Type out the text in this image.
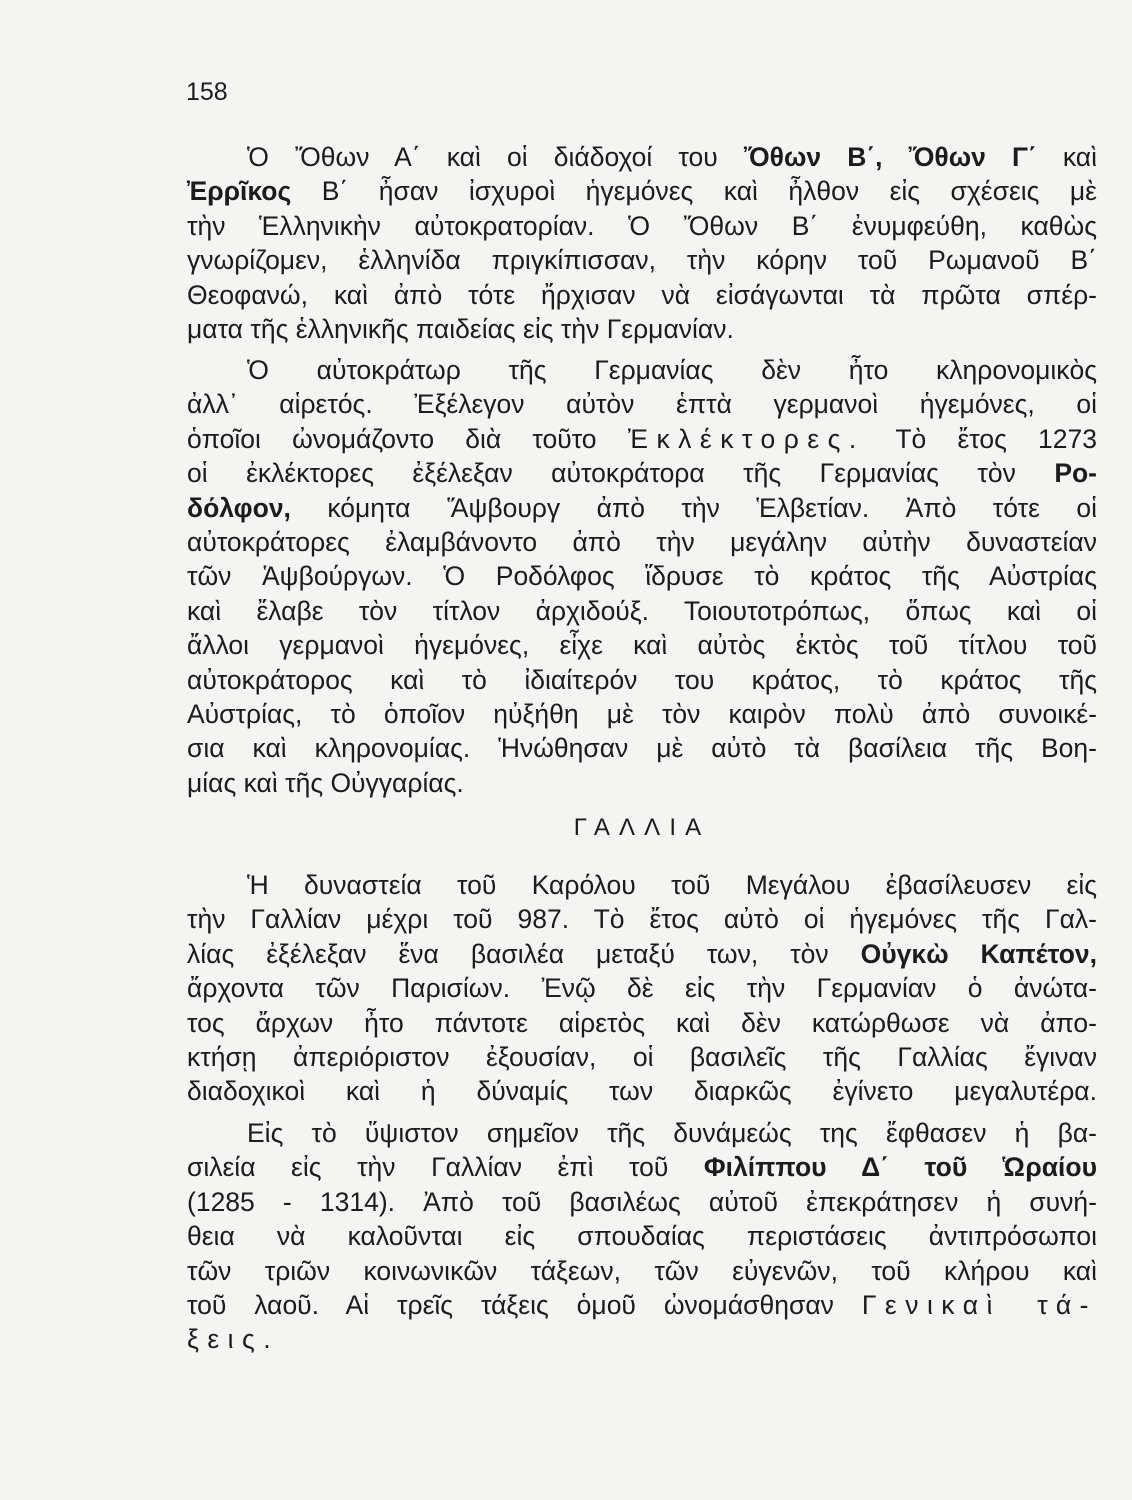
158
Ὁ Ὄθων Α΄ καὶ οἱ διάδοχοί του Ὄθων Β΄, Ὄθων Γ΄ καὶ
Ἐρρῖκος Β΄ ἦσαν ἰσχυροὶ ἡγεμόνες καὶ ἦλθον εἰς σχέσεις μὲ
τὴν Ἑλληνικὴν αὐτοκρατορίαν. Ὁ Ὄθων Β΄ ἐνυμφεύθη, καθὼς
γνωρίζομεν, ἑλληνίδα πριγκίπισσαν, τὴν κόρην τοῦ Ρωμανοῦ Β΄
Θεοφανώ, καὶ ἀπὸ τότε ἤρχισαν νὰ εἰσάγωνται τὰ πρῶτα σπέρ-
ματα τῆς ἑλληνικῆς παιδείας εἰς τὴν Γερμανίαν.
Ὁ αὐτοκράτωρ τῆς Γερμανίας δὲν ἦτο κληρονομικὸς
ἀλλ᾽ αἱρετός. Ἐξέλεγον αὐτὸν ἑπτὰ γερμανοὶ ἡγεμόνες, οἱ
ὁποῖοι ὠνομάζοντο διὰ τοῦτο Ἐκλέκτορες. Τὸ ἔτος 1273
οἱ ἐκλέκτορες ἐξέλεξαν αὐτοκράτορα τῆς Γερμανίας τὸν Ρο-
δόλφον, κόμητα Ἅψβουργ ἀπὸ τὴν Ἑλβετίαν. Ἀπὸ τότε οἱ
αὐτοκράτορες ἐλαμβάνοντο ἀπὸ τὴν μεγάλην αὐτὴν δυναστείαν
τῶν Ἁψβούργων. Ὁ Ροδόλφος ἵδρυσε τὸ κράτος τῆς Αὐστρίας
καὶ ἔλαβε τὸν τίτλον ἀρχιδούξ. Τοιουτοτρόπως, ὅπως καὶ οἱ
ἄλλοι γερμανοὶ ἡγεμόνες, εἶχε καὶ αὐτὸς ἐκτὸς τοῦ τίτλου τοῦ
αὐτοκράτορος καὶ τὸ ἰδιαίτερόν του κράτος, τὸ κράτος τῆς
Αὐστρίας, τὸ ὁποῖον ηὐξήθη μὲ τὸν καιρὸν πολὺ ἀπὸ συνοικέ-
σια καὶ κληρονομίας. Ἡνώθησαν μὲ αὐτὸ τὰ βασίλεια τῆς Βοη-
μίας καὶ τῆς Οὐγγαρίας.
ΓΑΛΛΙΑ
Ἡ δυναστεία τοῦ Καρόλου τοῦ Μεγάλου ἐβασίλευσεν εἰς
τὴν Γαλλίαν μέχρι τοῦ 987. Τὸ ἔτος αὐτὸ οἱ ἡγεμόνες τῆς Γαλ-
λίας ἐξέλεξαν ἕνα βασιλέα μεταξύ των, τὸν Οὐγκὼ Καπέτον,
ἄρχοντα τῶν Παρισίων. Ἐνῷ δὲ εἰς τὴν Γερμανίαν ὁ ἀνώτα-
τος ἄρχων ἦτο πάντοτε αἱρετὸς καὶ δὲν κατώρθωσε νὰ ἀπο-
κτήσῃ ἀπεριόριστον ἐξουσίαν, οἱ βασιλεῖς τῆς Γαλλίας ἔγιναν
διαδοχικοὶ καὶ ἡ δύναμίς των διαρκῶς ἐγίνετο μεγαλυτέρα.
Εἰς τὸ ὕψιστον σημεῖον τῆς δυνάμεώς της ἔφθασεν ἡ βα-
σιλεία εἰς τὴν Γαλλίαν ἐπὶ τοῦ Φιλίππου Δ΄ τοῦ Ὡραίου
(1285 - 1314). Ἀπὸ τοῦ βασιλέως αὐτοῦ ἐπεκράτησεν ἡ συνή-
θεια νὰ καλοῦνται εἰς σπουδαίας περιστάσεις ἀντιπρόσωποι
τῶν τριῶν κοινωνικῶν τάξεων, τῶν εὐγενῶν, τοῦ κλήρου καὶ
τοῦ λαοῦ. Αἱ τρεῖς τάξεις ὁμοῦ ὠνομάσθησαν Γενικαὶ τά-
ξεις.
